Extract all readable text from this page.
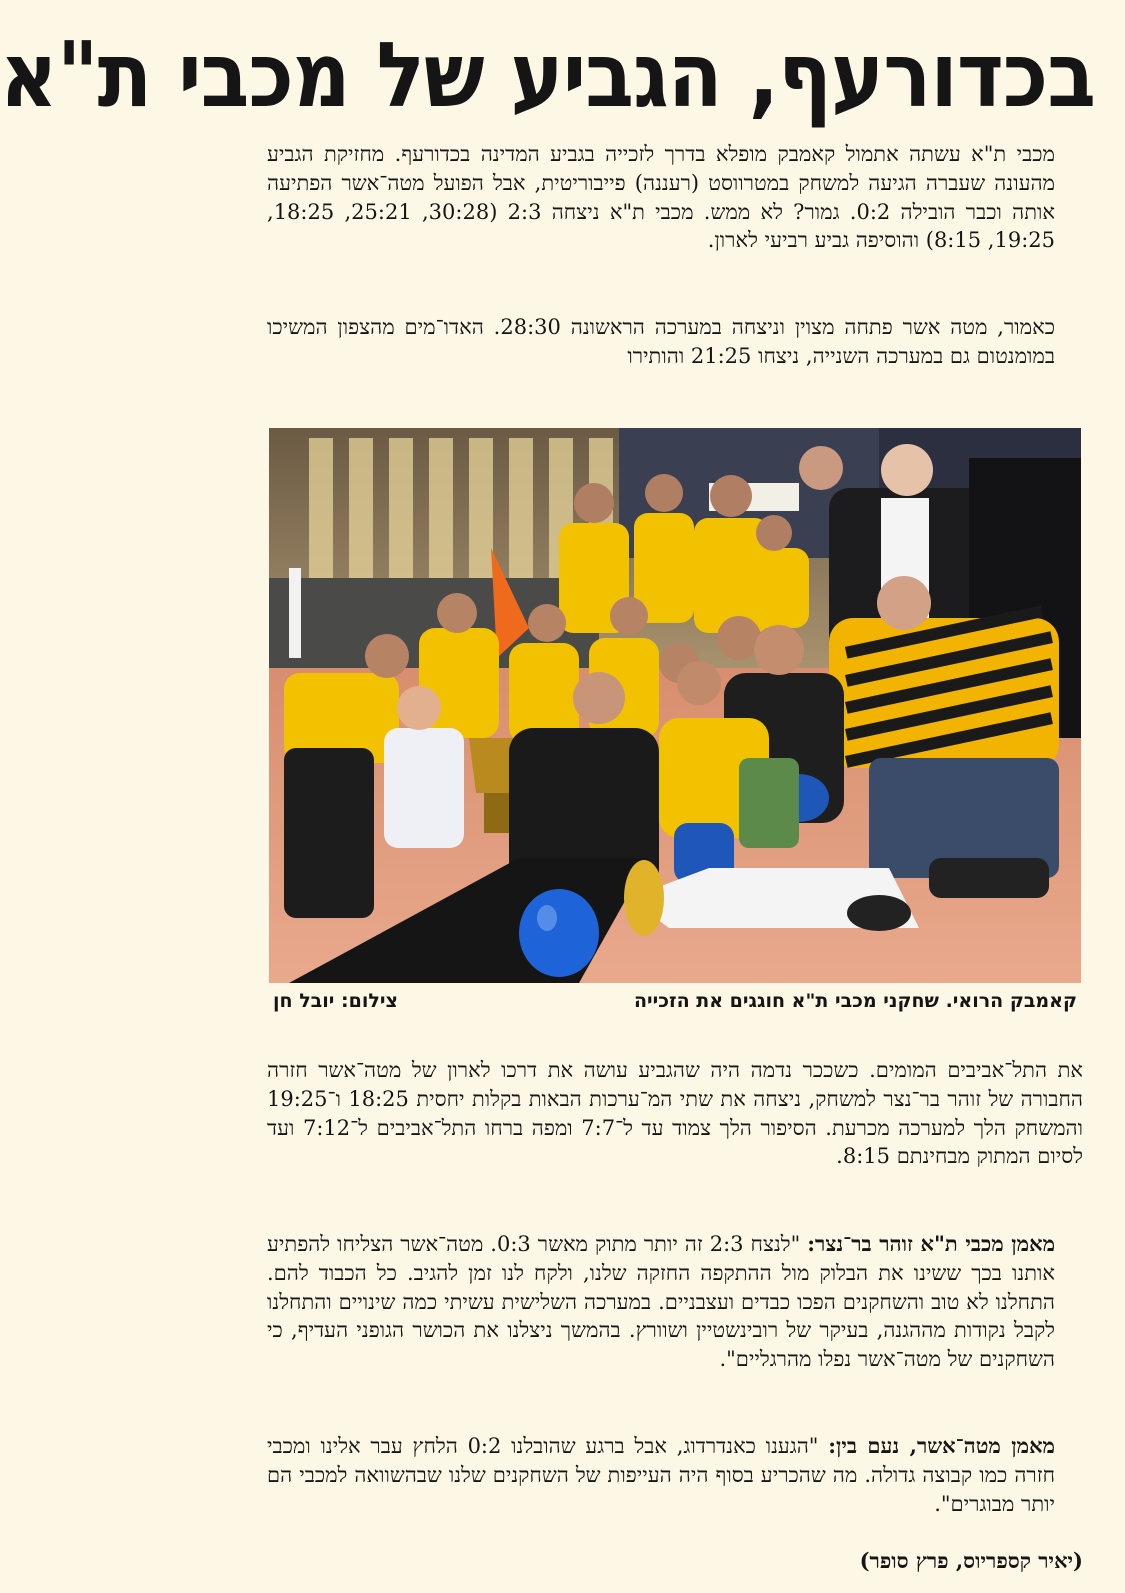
בכדורעף, הגביע של מכבי ת"א

מכבי ת"א עשתה אתמול קאמבק מופלא בדרך לזכייה בגביע המדינה בכדורעף. מחזיקת הגביע מהעונה שעברה הגיעה למשחק במטרווסט (רעננה) פייבוריטית, אבל הפועל מטה־אשר הפתיעה אותה וכבר הובילה 0:2. גמור? לא ממש. מכבי ת"א ניצחה 2:3 (30:28, 25:21, 18:25, 19:25, 8:15) והוסיפה גביע רביעי לארון.

כאמור, מטה אשר פתחה מצוין וניצחה במערכה הראשונה 28:30. האדו־מים מהצפון המשיכו במומנטום גם במערכה השנייה, ניצחו 21:25 והותירו

קאמבק הרואי. שחקני מכבי ת"א חוגגים את הזכייה
צילום: יובל חן

את התל־אביבים המומים. כשככר נדמה היה שהגביע עושה את דרכו לארון של מטה־אשר חזרה החבורה של זוהר בר־נצר למשחק, ניצחה את שתי המ־ערכות הבאות בקלות יחסית 18:25 ו־19:25 והמשחק הלך למערכה מכרעת. הסיפור הלך צמוד עד ל־7:7 ומפה ברחו התל־אביבים ל־7:12 ועד לסיום המתוק מבחינתם 8:15.

מאמן מכבי ת"א זוהר בר־נצר: "לנצח 2:3 זה יותר מתוק מאשר 0:3. מטה־אשר הצליחו להפתיע אותנו בכך ששינו את הבלוק מול ההתקפה החזקה שלנו, ולקח לנו זמן להגיב. כל הכבוד להם. התחלנו לא טוב והשחקנים הפכו כבדים ועצבניים. במערכה השלישית עשיתי כמה שינויים והתחלנו לקבל נקודות מההגנה, בעיקר של רובינשטיין ושוורץ. בהמשך ניצלנו את הכושר הגופני העדיף, כי השחקנים של מטה־אשר נפלו מהרגליים".

מאמן מטה־אשר, נעם בין: "הגענו כאנדרדוג, אבל ברגע שהובלנו 0:2 הלחץ עבר אלינו ומכבי חזרה כמו קבוצה גדולה. מה שהכריע בסוף היה העייפות של השחקנים שלנו שבהשוואה למכבי הם יותר מבוגרים".

(יאיר קספריוס, פרץ סופר)
